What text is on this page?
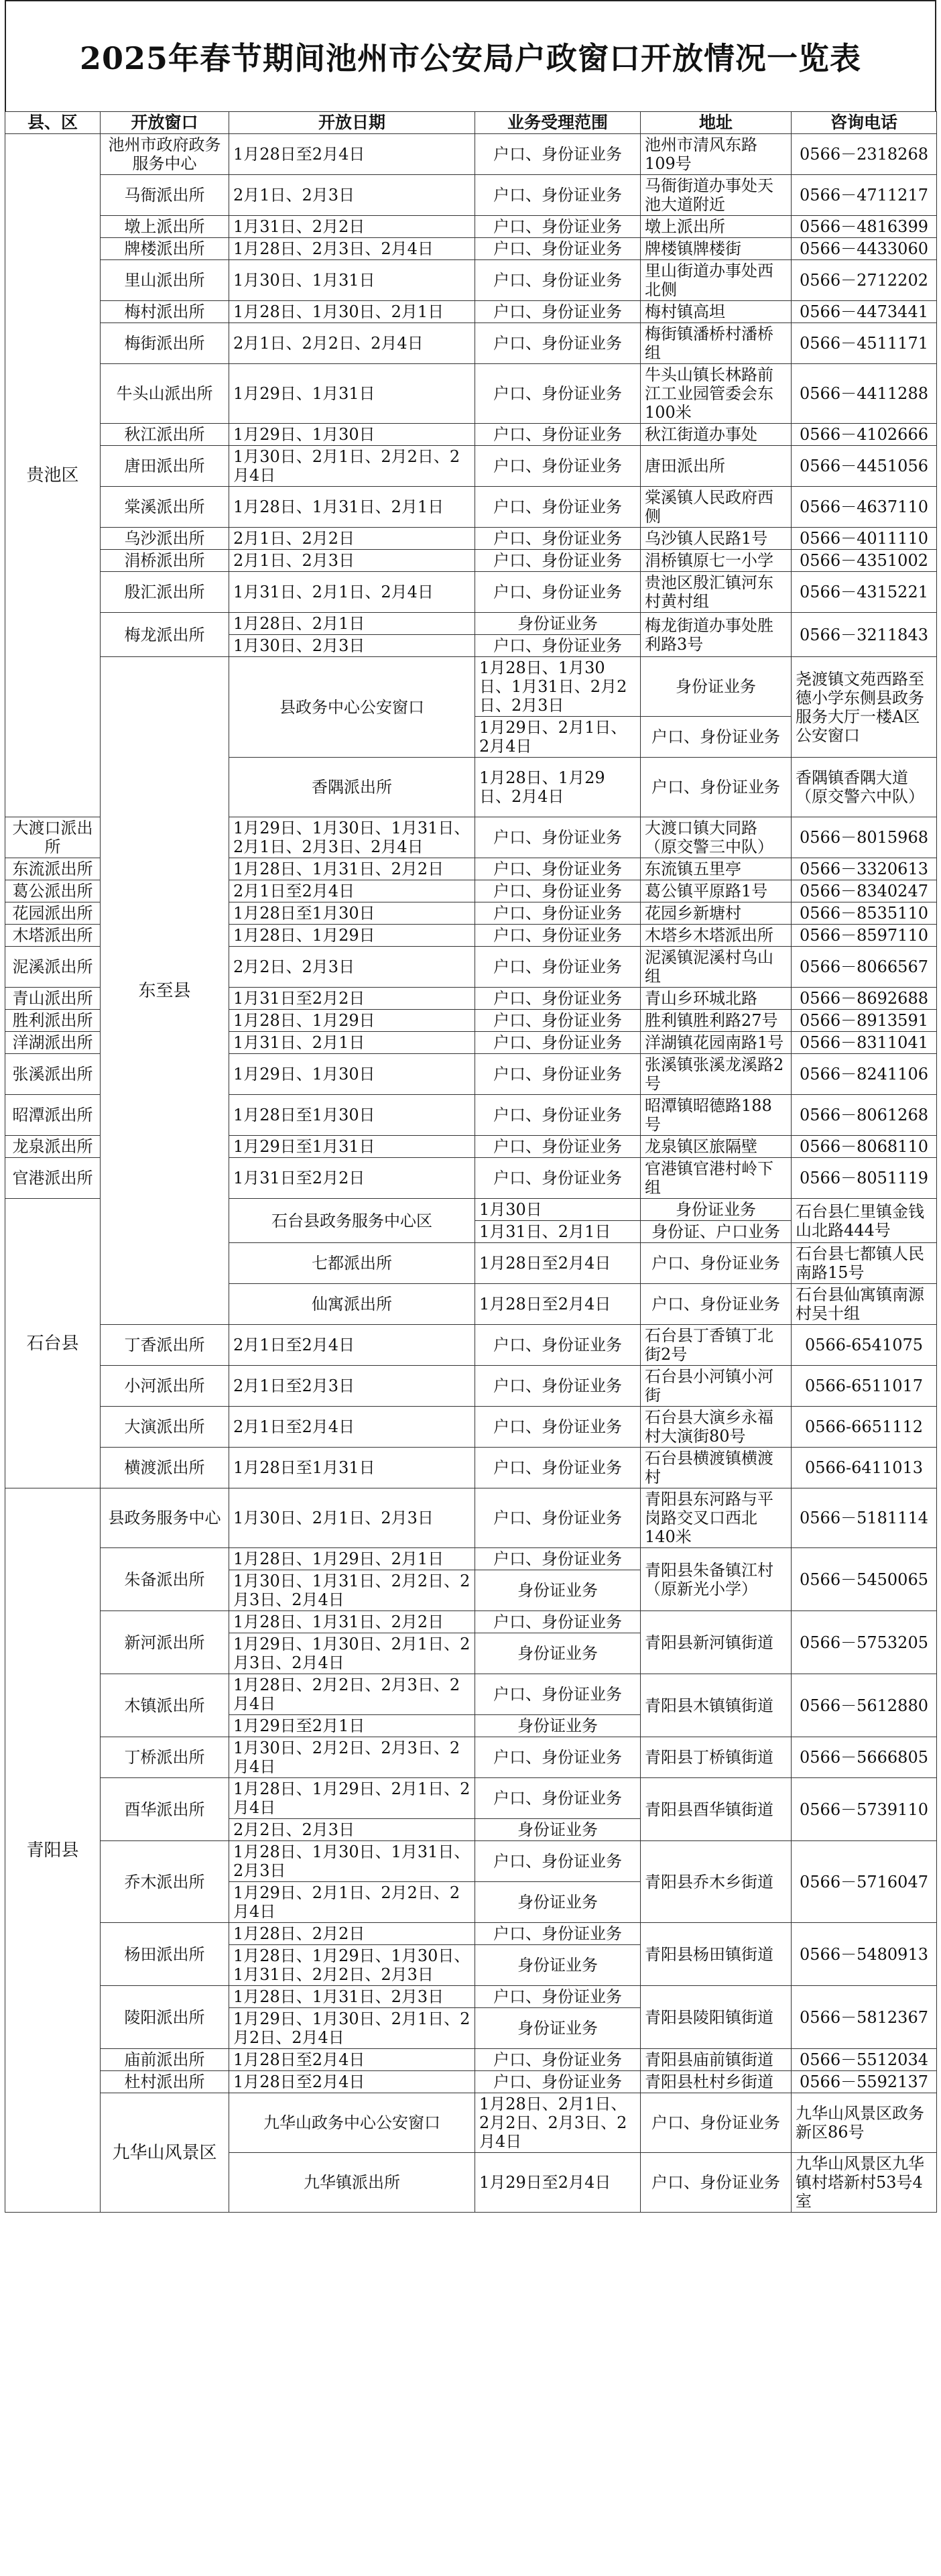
2025年春节期间池州市公安局户政窗口开放情况一览表
县、区	开放窗口	开放日期	业务受理范围	地址	咨询电话	
贵池区	池州市政府政务服务中心	1月28日至2月4日	户口、身份证业务	池州市清风东路109号	0566－2318268	
	马衙派出所	2月1日、2月3日	户口、身份证业务	马衙街道办事处天池大道附近	0566－4711217	
	墩上派出所	1月31日、2月2日	户口、身份证业务	墩上派出所	0566－4816399	
	牌楼派出所	1月28日、2月3日、2月4日	户口、身份证业务	牌楼镇牌楼街	0566－4433060	
	里山派出所	1月30日、1月31日	户口、身份证业务	里山街道办事处西北侧	0566－2712202	
	梅村派出所	1月28日、1月30日、2月1日	户口、身份证业务	梅村镇高坦	0566－4473441	
	梅街派出所	2月1日、2月2日、2月4日	户口、身份证业务	梅街镇潘桥村潘桥组	0566－4511171	
	牛头山派出所	1月29日、1月31日	户口、身份证业务	牛头山镇长林路前江工业园管委会东100米	0566－4411288	
	秋江派出所	1月29日、1月30日	户口、身份证业务	秋江街道办事处	0566－4102666	
	唐田派出所	1月30日、2月1日、2月2日、2月4日	户口、身份证业务	唐田派出所	0566－4451056	
	棠溪派出所	1月28日、1月31日、2月1日	户口、身份证业务	棠溪镇人民政府西侧	0566－4637110	
	乌沙派出所	2月1日、2月2日	户口、身份证业务	乌沙镇人民路1号	0566－4011110	
	涓桥派出所	2月1日、2月3日	户口、身份证业务	涓桥镇原七一小学	0566－4351002	
	殷汇派出所	1月31日、2月1日、2月4日	户口、身份证业务	贵池区殷汇镇河东村黄村组	0566－4315221	
	梅龙派出所	1月28日、2月1日	身份证业务	梅龙街道办事处胜利路3号	0566－3211843	
		1月30日、2月3日	户口、身份证业务			
	东至县	县政务中心公安窗口	1月28日、1月30日、1月31日、2月2日、2月3日	身份证业务	尧渡镇文苑西路至德小学东侧县政务服务大厅一楼A区公安窗口	
			1月29日、2月1日、2月4日	户口、身份证业务		
		香隅派出所	1月28日、1月29日、2月4日	户口、身份证业务	香隅镇香隅大道（原交警六中队）	
大渡口派出所		1月29日、1月30日、1月31日、2月1日、2月3日、2月4日	户口、身份证业务	大渡口镇大同路（原交警三中队）	0566－8015968	
东流派出所		1月28日、1月31日、2月2日	户口、身份证业务	东流镇五里亭	0566－3320613	
葛公派出所		2月1日至2月4日	户口、身份证业务	葛公镇平原路1号	0566－8340247	
花园派出所		1月28日至1月30日	户口、身份证业务	花园乡新塘村	0566－8535110	
木塔派出所		1月28日、1月29日	户口、身份证业务	木塔乡木塔派出所	0566－8597110	
泥溪派出所		2月2日、2月3日	户口、身份证业务	泥溪镇泥溪村乌山组	0566－8066567	
青山派出所		1月31日至2月2日	户口、身份证业务	青山乡环城北路	0566－8692688	
胜利派出所		1月28日、1月29日	户口、身份证业务	胜利镇胜利路27号	0566－8913591	
洋湖派出所		1月31日、2月1日	户口、身份证业务	洋湖镇花园南路1号	0566－8311041	
张溪派出所		1月29日、1月30日	户口、身份证业务	张溪镇张溪龙溪路2号	0566－8241106	
昭潭派出所		1月28日至1月30日	户口、身份证业务	昭潭镇昭德路188号	0566－8061268	
龙泉派出所		1月29日至1月31日	户口、身份证业务	龙泉镇区旅隔壁	0566－8068110	
官港派出所		1月31日至2月2日	户口、身份证业务	官港镇官港村岭下组	0566－8051119	
石台县		石台县政务服务中心区	1月30日	身份证业务	石台县仁里镇金钱山北路444号	
			1月31日、2月1日	身份证、户口业务		
		七都派出所	1月28日至2月4日	户口、身份证业务	石台县七都镇人民南路15号	
		仙寓派出所	1月28日至2月4日	户口、身份证业务	石台县仙寓镇南源村吴十组	
	丁香派出所	2月1日至2月4日	户口、身份证业务	石台县丁香镇丁北街2号	0566-6541075	
	小河派出所	2月1日至2月3日	户口、身份证业务	石台县小河镇小河街	0566-6511017	
	大演派出所	2月1日至2月4日	户口、身份证业务	石台县大演乡永福村大演街80号	0566-6651112	
	横渡派出所	1月28日至1月31日	户口、身份证业务	石台县横渡镇横渡村	0566-6411013	
青阳县	县政务服务中心	1月30日、2月1日、2月3日	户口、身份证业务	青阳县东河路与平岗路交叉口西北140米	0566－5181114	
	朱备派出所	1月28日、1月29日、2月1日	户口、身份证业务	青阳县朱备镇江村（原新光小学）	0566－5450065	
		1月30日、1月31日、2月2日、2月3日、2月4日	身份证业务			
	新河派出所	1月28日、1月31日、2月2日	户口、身份证业务	青阳县新河镇街道	0566－5753205	
		1月29日、1月30日、2月1日、2月3日、2月4日	身份证业务			
	木镇派出所	1月28日、2月2日、2月3日、2月4日	户口、身份证业务	青阳县木镇镇街道	0566－5612880	
		1月29日至2月1日	身份证业务			
	丁桥派出所	1月30日、2月2日、2月3日、2月4日	户口、身份证业务	青阳县丁桥镇街道	0566－5666805	
	酉华派出所	1月28日、1月29日、2月1日、2月4日	户口、身份证业务	青阳县酉华镇街道	0566－5739110	
		2月2日、2月3日	身份证业务			
	乔木派出所	1月28日、1月30日、1月31日、2月3日	户口、身份证业务	青阳县乔木乡街道	0566－5716047	
		1月29日、2月1日、2月2日、2月4日	身份证业务			
	杨田派出所	1月28日、2月2日	户口、身份证业务	青阳县杨田镇街道	0566－5480913	
		1月28日、1月29日、1月30日、1月31日、2月2日、2月3日	身份证业务			
	陵阳派出所	1月28日、1月31日、2月3日	户口、身份证业务	青阳县陵阳镇街道	0566－5812367	
		1月29日、1月30日、2月1日、2月2日、2月4日	身份证业务			
	庙前派出所	1月28日至2月4日	户口、身份证业务	青阳县庙前镇街道	0566－5512034	
	杜村派出所	1月28日至2月4日	户口、身份证业务	青阳县杜村乡街道	0566－5592137	
	九华山风景区	九华山政务中心公安窗口	1月28日、2月1日、2月2日、2月3日、2月4日	户口、身份证业务	九华山风景区政务新区86号	
		九华镇派出所	1月29日至2月4日	户口、身份证业务	九华山风景区九华镇村塔新村53号4室	
